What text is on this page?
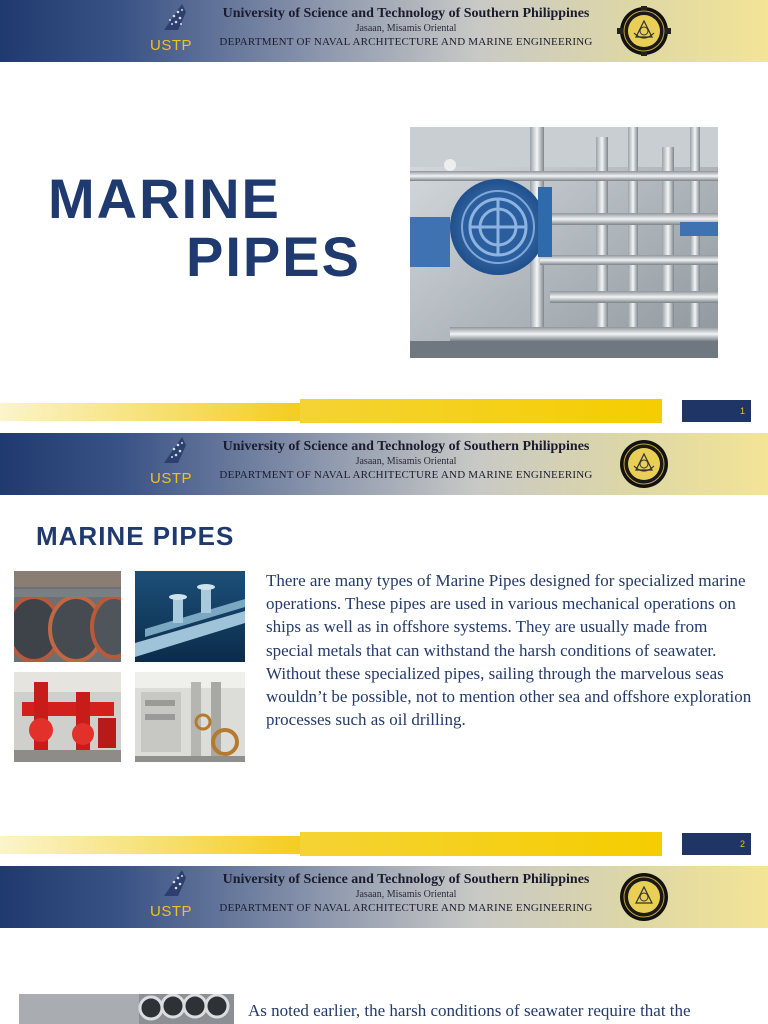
USTP
University of Science and Technology of Southern Philippines
Jasaan, Misamis Oriental
DEPARTMENT OF NAVAL ARCHITECTURE AND MARINE ENGINEERING
MARINE
PIPES
1
USTP
University of Science and Technology of Southern Philippines
Jasaan, Misamis Oriental
DEPARTMENT OF NAVAL ARCHITECTURE AND MARINE ENGINEERING
MARINE PIPES
There are many types of Marine Pipes designed for specialized marine operations. These pipes are used in various mechanical operations on ships as well as in offshore systems. They are usually made from special metals that can withstand the harsh conditions of seawater. Without these specialized pipes, sailing through the marvelous seas wouldn’t be possible, not to mention other sea and offshore exploration processes such as oil drilling.
2
USTP
University of Science and Technology of Southern Philippines
Jasaan, Misamis Oriental
DEPARTMENT OF NAVAL ARCHITECTURE AND MARINE ENGINEERING
As noted earlier, the harsh conditions of seawater require that the
